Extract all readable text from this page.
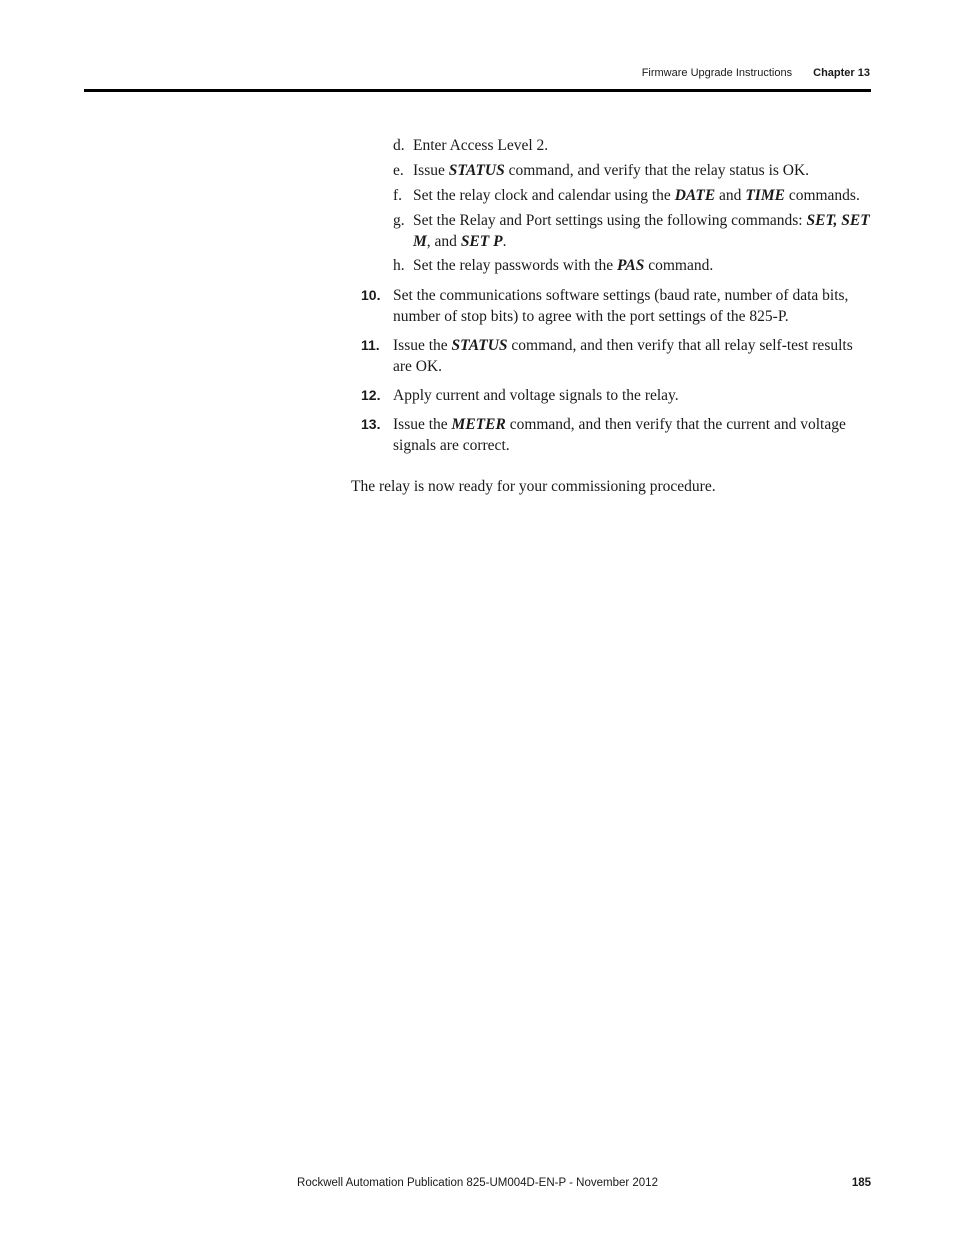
Firmware Upgrade Instructions Chapter 13
d. Enter Access Level 2.
e. Issue STATUS command, and verify that the relay status is OK.
f. Set the relay clock and calendar using the DATE and TIME commands.
g. Set the Relay and Port settings using the following commands: SET, SET M, and SET P.
h. Set the relay passwords with the PAS command.
10. Set the communications software settings (baud rate, number of data bits, number of stop bits) to agree with the port settings of the 825-P.
11. Issue the STATUS command, and then verify that all relay self-test results are OK.
12. Apply current and voltage signals to the relay.
13. Issue the METER command, and then verify that the current and voltage signals are correct.
The relay is now ready for your commissioning procedure.
Rockwell Automation Publication 825-UM004D-EN-P - November 2012	185
